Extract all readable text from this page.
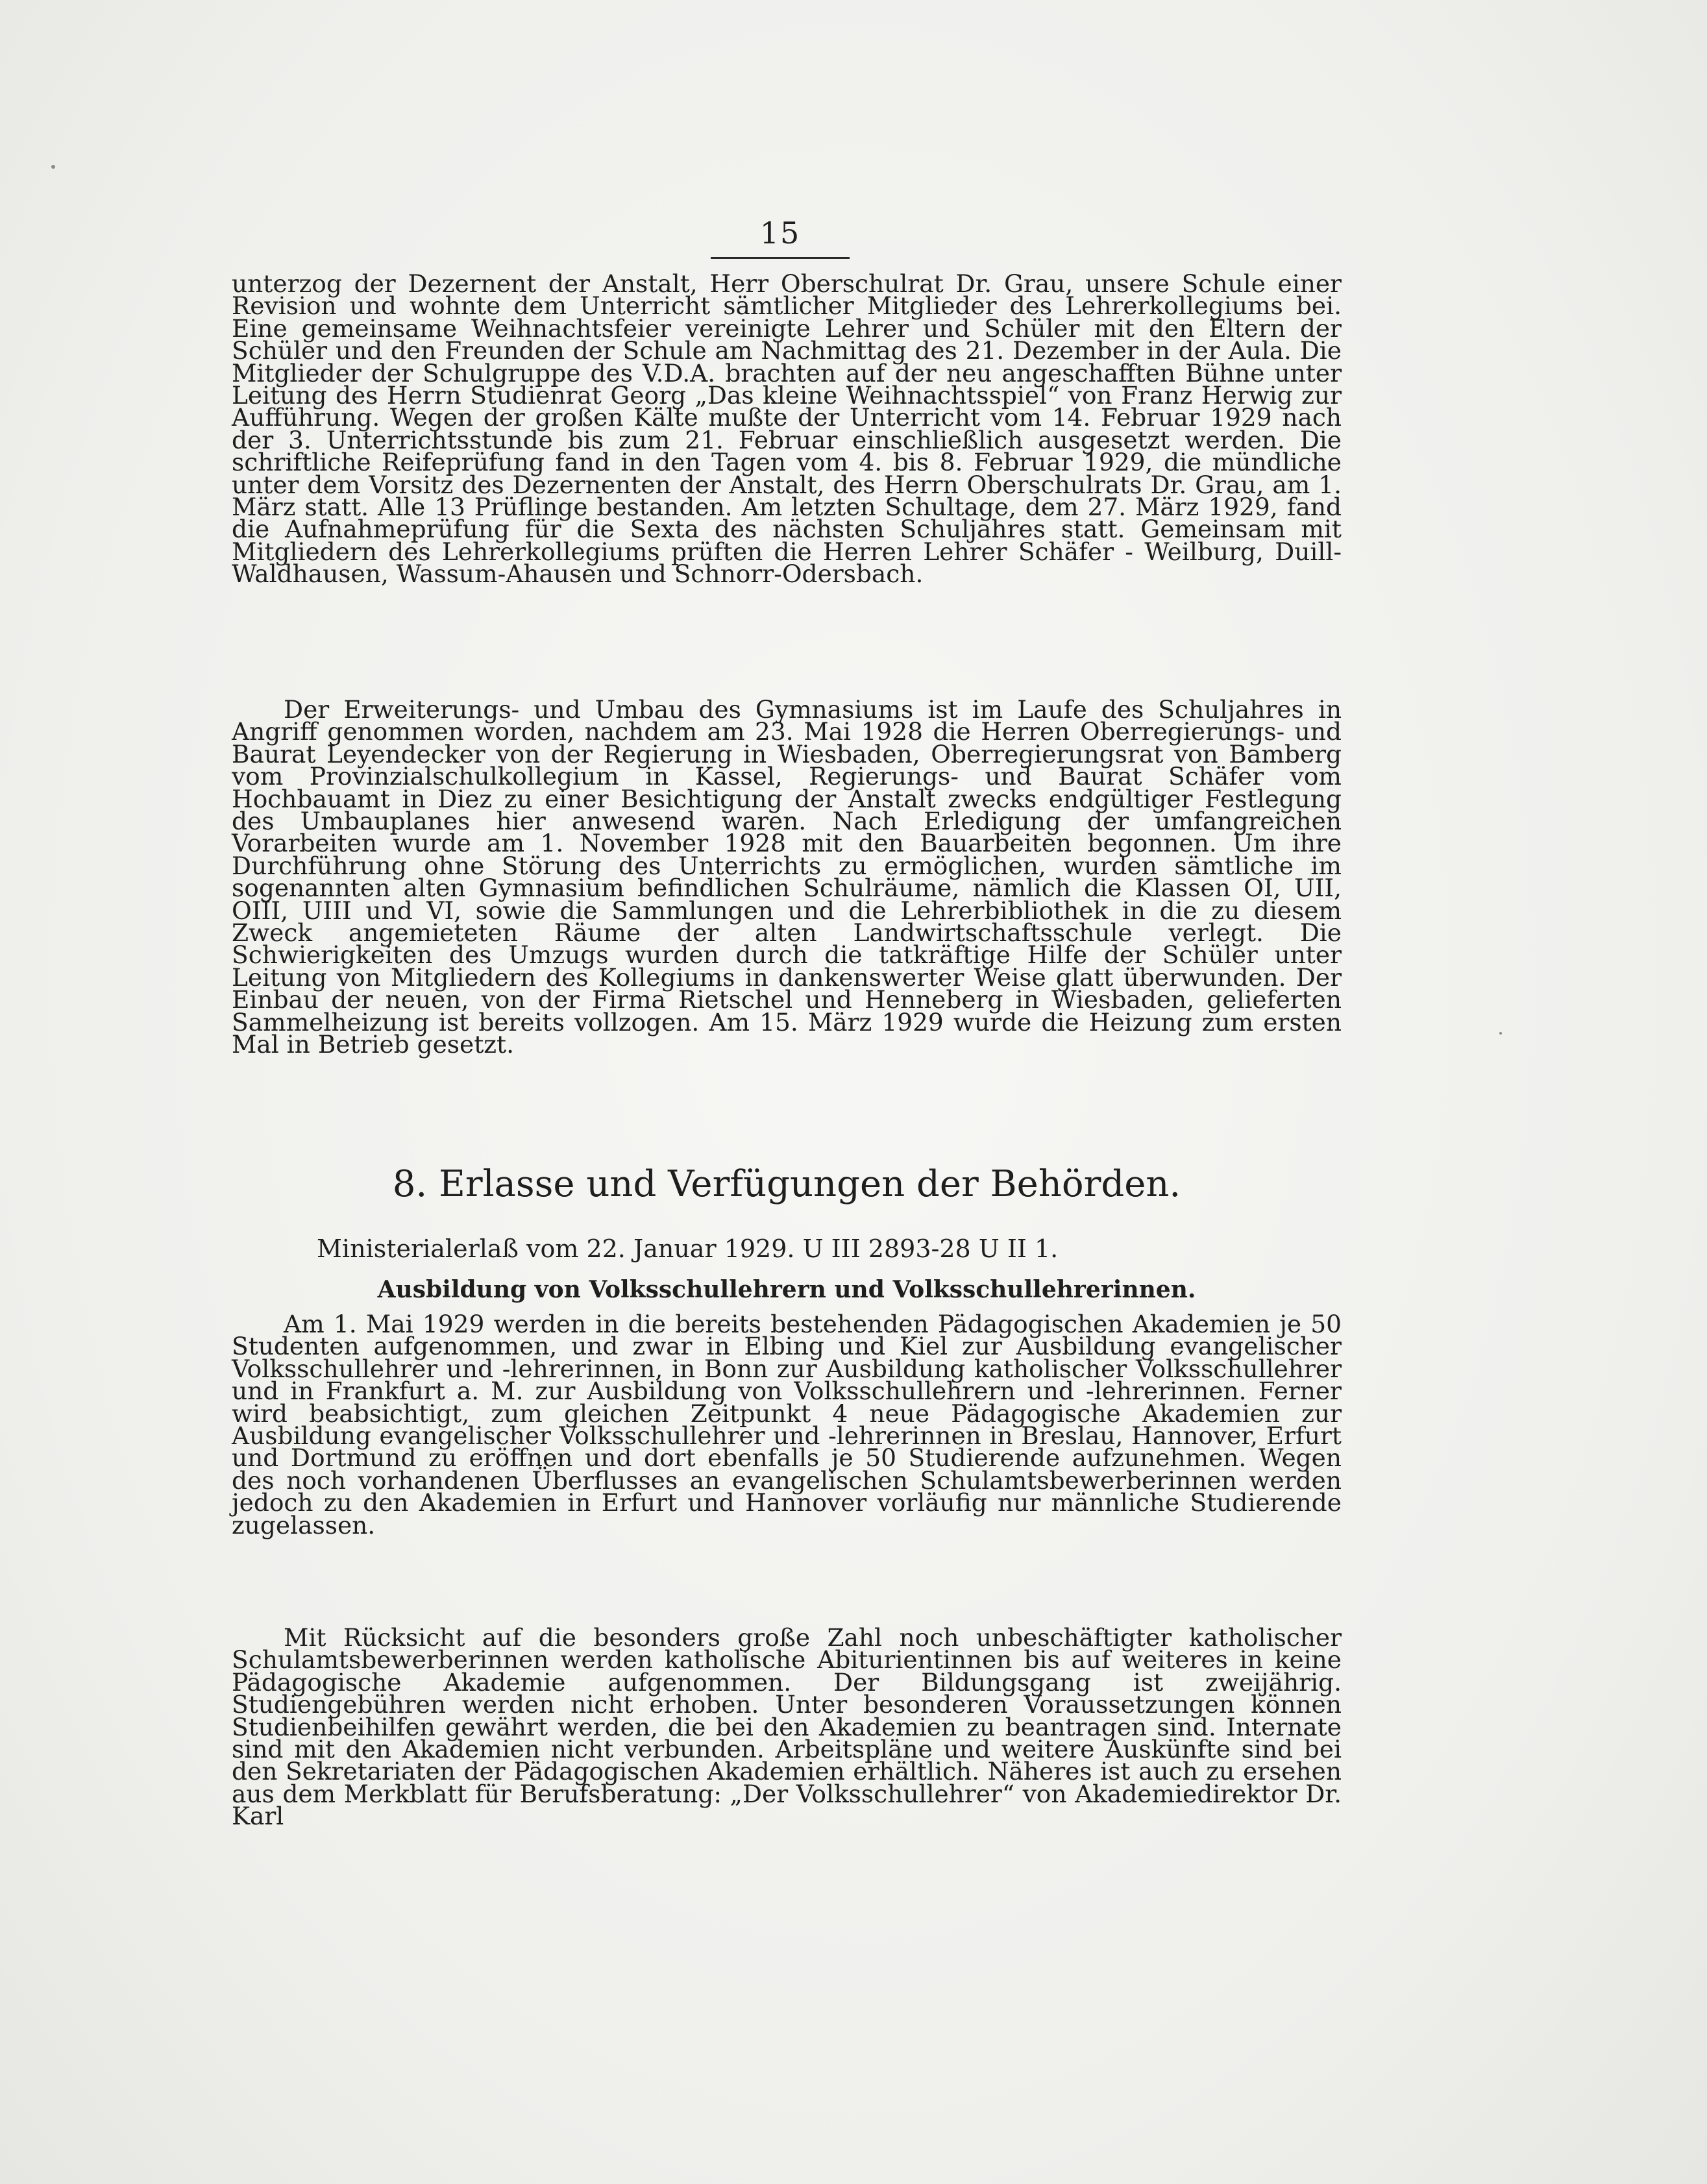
15

unterzog der Dezernent der Anstalt, Herr Oberschulrat Dr. Grau, unsere Schule einer Revision und wohnte dem Unterricht sämtlicher Mitglieder des Lehrerkollegiums bei. Eine gemeinsame Weihnachtsfeier vereinigte Lehrer und Schüler mit den Eltern der Schüler und den Freunden der Schule am Nachmittag des 21. Dezember in der Aula. Die Mitglieder der Schulgruppe des V.D.A. brachten auf der neu angeschafften Bühne unter Leitung des Herrn Studienrat Georg „Das kleine Weihnachtsspiel“ von Franz Herwig zur Aufführung. Wegen der großen Kälte mußte der Unterricht vom 14. Februar 1929 nach der 3. Unterrichtsstunde bis zum 21. Februar einschließlich ausgesetzt werden. Die schriftliche Reifeprüfung fand in den Tagen vom 4. bis 8. Februar 1929, die mündliche unter dem Vorsitz des Dezernenten der Anstalt, des Herrn Oberschulrats Dr. Grau, am 1. März statt. Alle 13 Prüflinge bestanden. Am letzten Schultage, dem 27. März 1929, fand die Aufnahmeprüfung für die Sexta des nächsten Schuljahres statt. Gemeinsam mit Mitgliedern des Lehrerkollegiums prüften die Herren Lehrer Schäfer - Weilburg, Duill-Waldhausen, Wassum-Ahausen und Schnorr-Odersbach.

Der Erweiterungs- und Umbau des Gymnasiums ist im Laufe des Schuljahres in Angriff genommen worden, nachdem am 23. Mai 1928 die Herren Oberregierungs- und Baurat Leyendecker von der Regierung in Wiesbaden, Oberregierungsrat von Bamberg vom Provinzialschulkollegium in Kassel, Regierungs- und Baurat Schäfer vom Hochbauamt in Diez zu einer Besichtigung der Anstalt zwecks endgültiger Festlegung des Umbauplanes hier anwesend waren. Nach Erledigung der umfangreichen Vorarbeiten wurde am 1. November 1928 mit den Bauarbeiten begonnen. Um ihre Durchführung ohne Störung des Unterrichts zu ermöglichen, wurden sämtliche im sogenannten alten Gymnasium befindlichen Schulräume, nämlich die Klassen OI, UII, OIII, UIII und VI, sowie die Sammlungen und die Lehrerbibliothek in die zu diesem Zweck angemieteten Räume der alten Landwirtschaftsschule verlegt. Die Schwierigkeiten des Umzugs wurden durch die tatkräftige Hilfe der Schüler unter Leitung von Mitgliedern des Kollegiums in dankenswerter Weise glatt überwunden. Der Einbau der neuen, von der Firma Rietschel und Henneberg in Wiesbaden, gelieferten Sammelheizung ist bereits vollzogen. Am 15. März 1929 wurde die Heizung zum ersten Mal in Betrieb gesetzt.

8. Erlasse und Verfügungen der Behörden.
Ministerialerlaß vom 22. Januar 1929. U III 2893-28 U II 1.
Ausbildung von Volksschullehrern und Volksschullehrerinnen.

Am 1. Mai 1929 werden in die bereits bestehenden Pädagogischen Akademien je 50 Studenten aufgenommen, und zwar in Elbing und Kiel zur Ausbildung evangelischer Volksschullehrer und -lehrerinnen, in Bonn zur Ausbildung katholischer Volksschullehrer und in Frankfurt a. M. zur Ausbildung von Volksschullehrern und -lehrerinnen. Ferner wird beabsichtigt, zum gleichen Zeitpunkt 4 neue Pädagogische Akademien zur Ausbildung evangelischer Volksschullehrer und -lehrerinnen in Breslau, Hannover, Erfurt und Dortmund zu eröffnen und dort ebenfalls je 50 Studierende aufzunehmen. Wegen des noch vorhandenen Überflusses an evangelischen Schulamtsbewerberinnen werden jedoch zu den Akademien in Erfurt und Hannover vorläufig nur männliche Studierende zugelassen.

Mit Rücksicht auf die besonders große Zahl noch unbeschäftigter katholischer Schulamtsbewerberinnen werden katholische Abiturientinnen bis auf weiteres in keine Pädagogische Akademie aufgenommen. Der Bildungsgang ist zweijährig. Studiengebühren werden nicht erhoben. Unter besonderen Voraussetzungen können Studienbeihilfen gewährt werden, die bei den Akademien zu beantragen sind. Internate sind mit den Akademien nicht verbunden. Arbeitspläne und weitere Auskünfte sind bei den Sekretariaten der Pädagogischen Akademien erhältlich. Näheres ist auch zu ersehen aus dem Merkblatt für Berufsberatung: „Der Volksschullehrer“ von Akademiedirektor Dr. Karl
